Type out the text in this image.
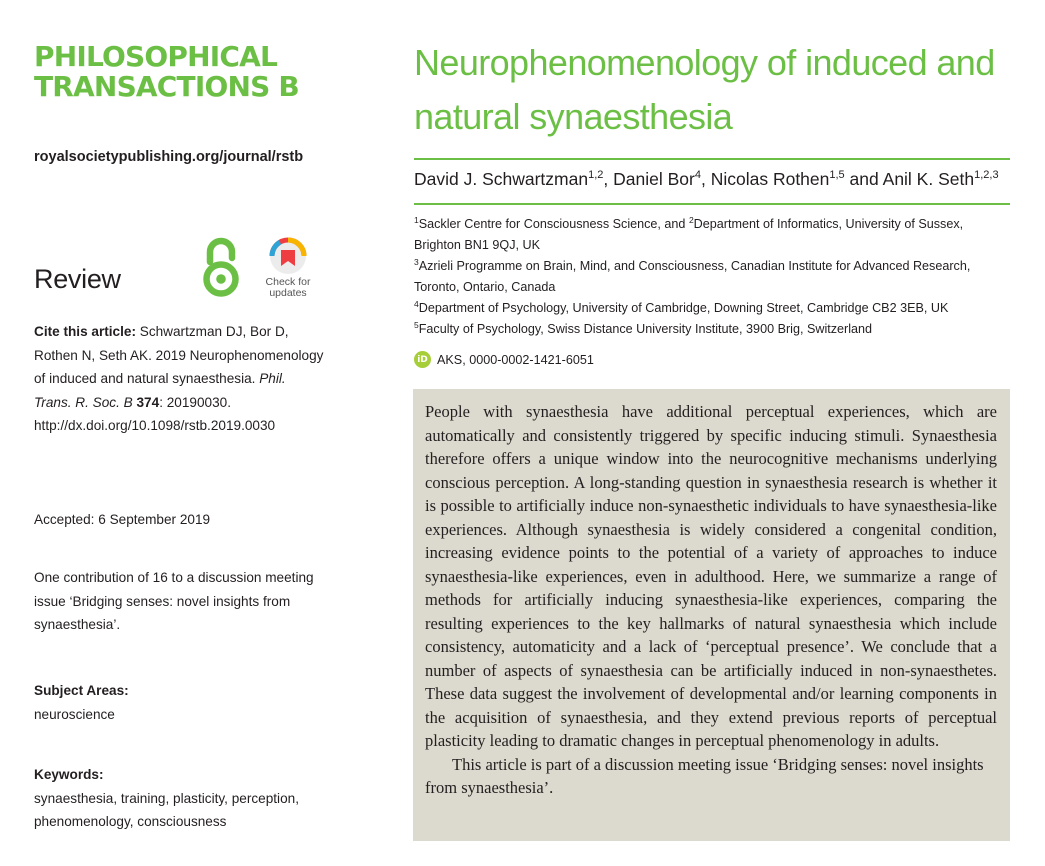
PHILOSOPHICAL
TRANSACTIONS B
royalsocietypublishing.org/journal/rstb
Review	Check for
updates
Cite this article: Schwartzman DJ, Bor D, Rothen N, Seth AK. 2019 Neurophenomenology of induced and natural synaesthesia. Phil. Trans. R. Soc. B 374: 20190030.
http://dx.doi.org/10.1098/rstb.2019.0030
Accepted: 6 September 2019
One contribution of 16 to a discussion meeting issue ‘Bridging senses: novel insights from synaesthesia’.
Subject Areas:
neuroscience
Keywords:
synaesthesia, training, plasticity, perception, phenomenology, consciousness
Neurophenomenology of induced and natural synaesthesia
David J. Schwartzman$^{1,2}$, Daniel Bor$^4$, Nicolas Rothen$^{1,5}$ and Anil K. Seth$^{1,2,3}$
$^1$Sackler Centre for Consciousness Science, and $^2$Department of Informatics, University of Sussex, Brighton BN1 9QJ, UK
$^3$Azrieli Programme on Brain, Mind, and Consciousness, Canadian Institute for Advanced Research, Toronto, Ontario, Canada
$^4$Department of Psychology, University of Cambridge, Downing Street, Cambridge CB2 3EB, UK
$^5$Faculty of Psychology, Swiss Distance University Institute, 3900 Brig, Switzerland
iD AKS, 0000-0002-1421-6051

People with synaesthesia have additional perceptual experiences, which are automatically and consistently triggered by specific inducing stimuli. Synaesthesia therefore offers a unique window into the neurocognitive mechanisms underlying conscious perception. A long-standing question in synaesthesia research is whether it is possible to artificially induce non-synaesthetic individuals to have synaesthesia-like experiences. Although synaesthesia is widely considered a congenital condition, increasing evidence points to the potential of a variety of approaches to induce synaesthesia-like experiences, even in adulthood. Here, we summarize a range of methods for artificially inducing synaesthesia-like experiences, comparing the resulting experiences to the key hallmarks of natural synaesthesia which include consistency, automaticity and a lack of ‘perceptual presence’. We conclude that a number of aspects of synaesthesia can be artificially induced in non-synaesthetes. These data suggest the involvement of developmental and/or learning components in the acquisition of synaesthesia, and they extend previous reports of perceptual plasticity leading to dramatic changes in perceptual phenomenology in adults.

This article is part of a discussion meeting issue ‘Bridging senses: novel insights from synaesthesia’.
